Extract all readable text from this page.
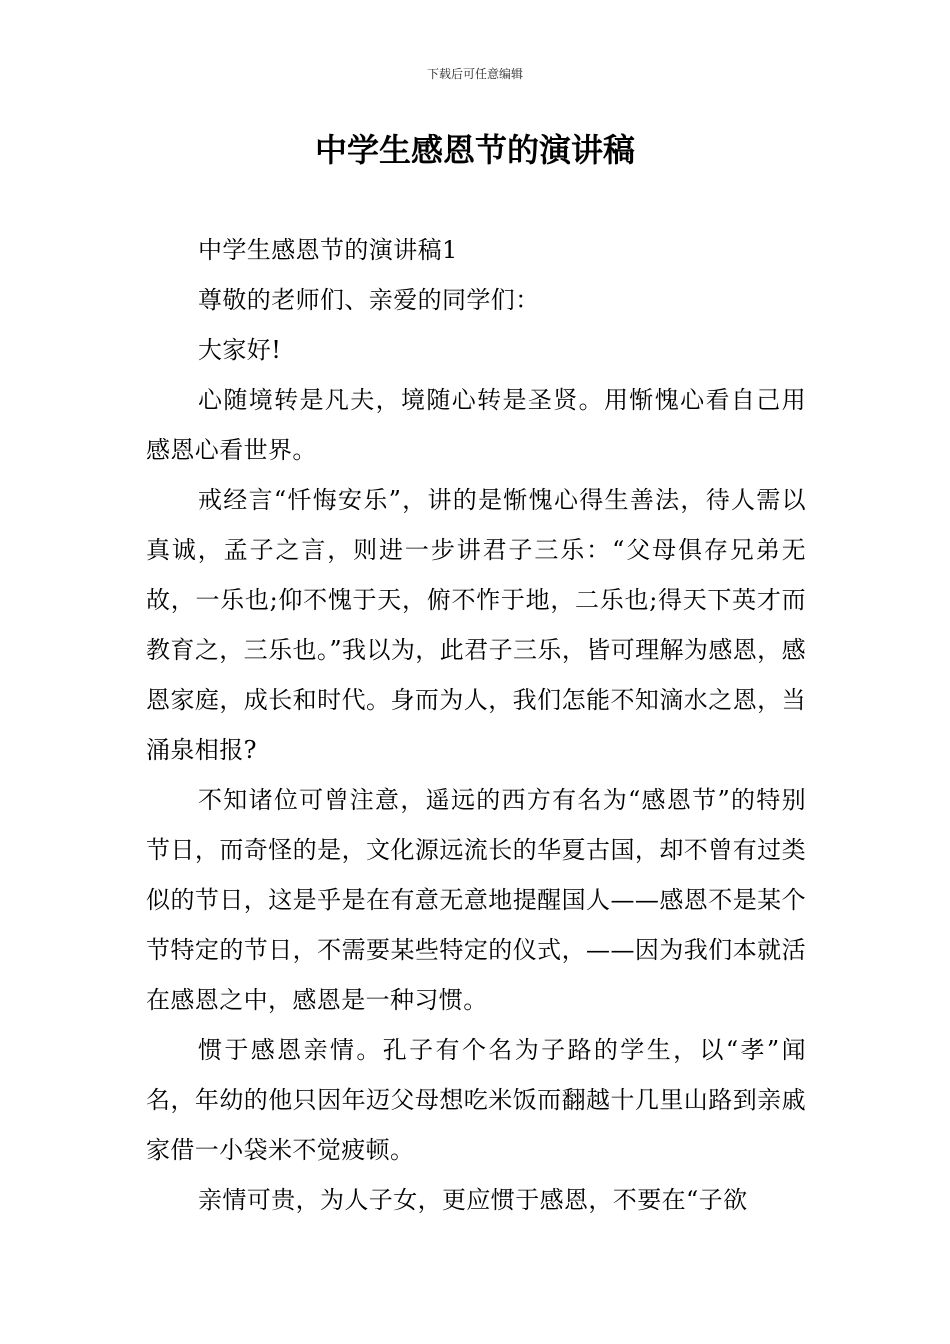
下载后可任意编辑
中学生感恩节的演讲稿

中学生感恩节的演讲稿1

尊敬的老师们、亲爱的同学们：

大家好!

心随境转是凡夫，境随心转是圣贤。用惭愧心看自己用感恩心看世界。

戒经言“忏悔安乐”，讲的是惭愧心得生善法，待人需以真诚，孟子之言，则进一步讲君子三乐：“父母俱存兄弟无故，一乐也;仰不愧于天，俯不怍于地，二乐也;得天下英才而教育之，三乐也。”我以为，此君子三乐，皆可理解为感恩，感恩家庭，成长和时代。身而为人，我们怎能不知滴水之恩，当涌泉相报?

不知诸位可曾注意，遥远的西方有名为“感恩节”的特别节日，而奇怪的是，文化源远流长的华夏古国，却不曾有过类似的节日，这是乎是在有意无意地提醒国人——感恩不是某个节特定的节日，不需要某些特定的仪式，——因为我们本就活在感恩之中，感恩是一种习惯。

惯于感恩亲情。孔子有个名为子路的学生，以“孝”闻名，年幼的他只因年迈父母想吃米饭而翻越十几里山路到亲戚家借一小袋米不觉疲顿。

亲情可贵，为人子女，更应惯于感恩，不要在“子欲
